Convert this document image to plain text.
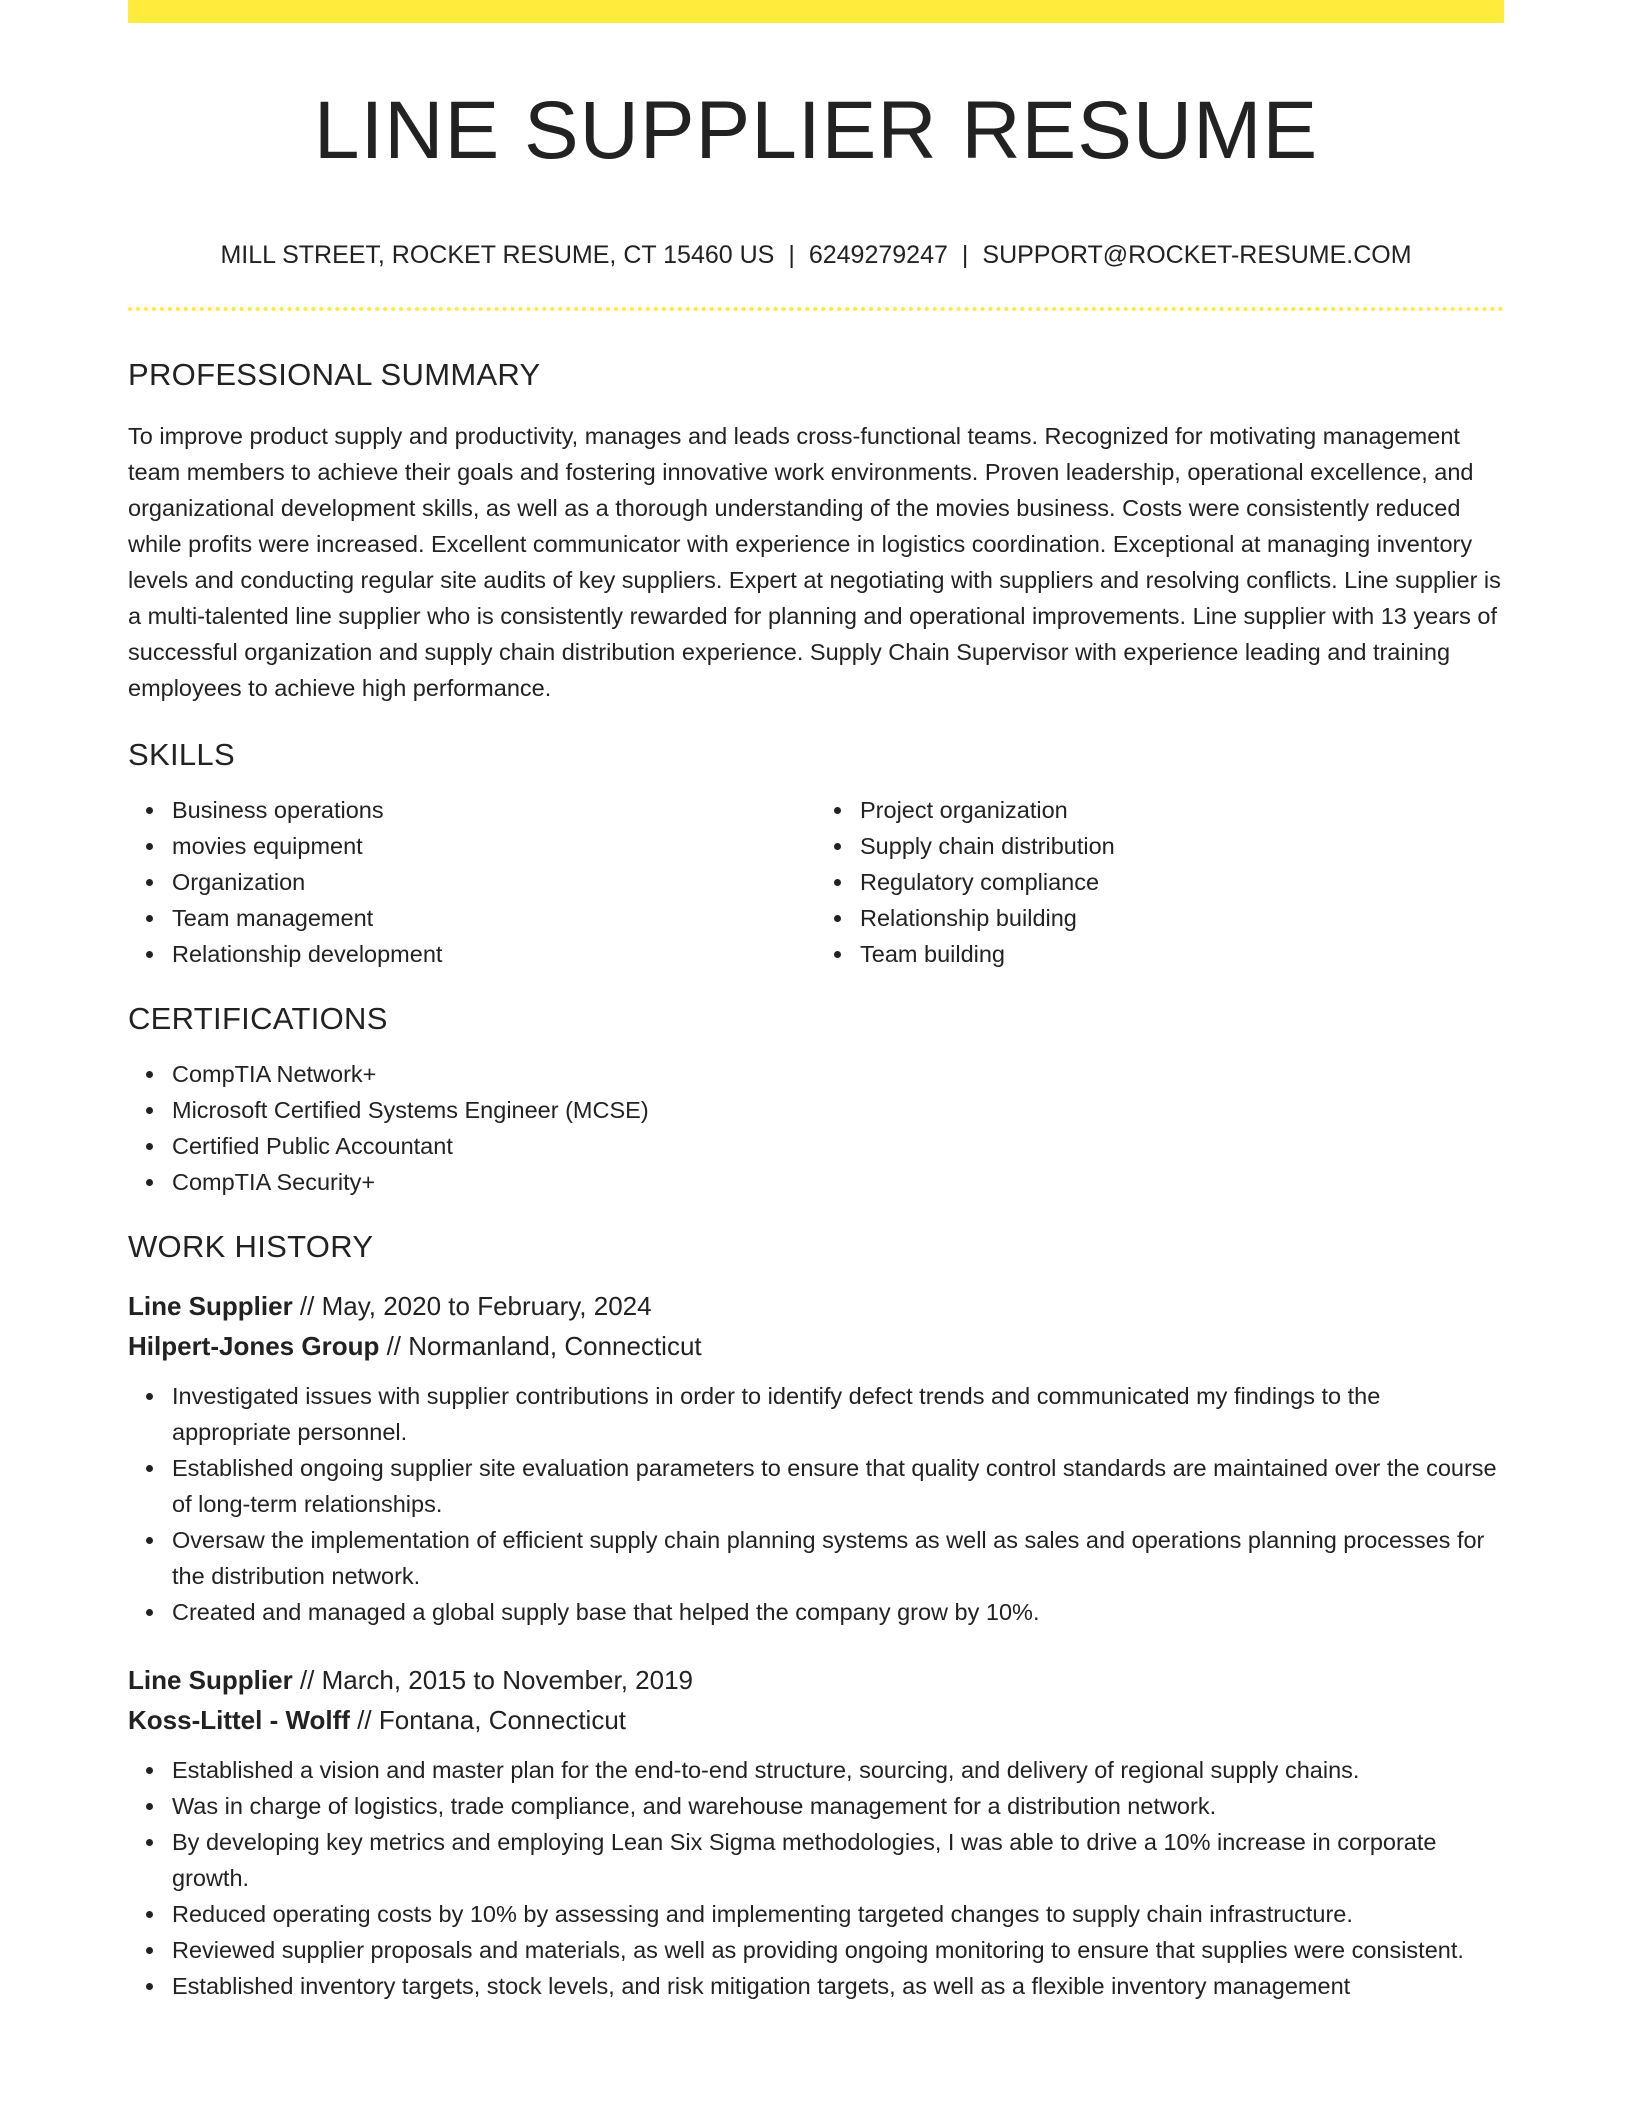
LINE SUPPLIER RESUME
MILL STREET, ROCKET RESUME, CT 15460 US | 6249279247 | SUPPORT@ROCKET-RESUME.COM
PROFESSIONAL SUMMARY

To improve product supply and productivity, manages and leads cross-functional teams. Recognized for motivating management team members to achieve their goals and fostering innovative work environments. Proven leadership, operational excellence, and organizational development skills, as well as a thorough understanding of the movies business. Costs were consistently reduced while profits were increased. Excellent communicator with experience in logistics coordination. Exceptional at managing inventory levels and conducting regular site audits of key suppliers. Expert at negotiating with suppliers and resolving conflicts. Line supplier is a multi-talented line supplier who is consistently rewarded for planning and operational improvements. Line supplier with 13 years of successful organization and supply chain distribution experience. Supply Chain Supervisor with experience leading and training employees to achieve high performance.

SKILLS
Business operations
movies equipment
Organization
Team management
Relationship development
Project organization
Supply chain distribution
Regulatory compliance
Relationship building
Team building
CERTIFICATIONS
CompTIA Network+
Microsoft Certified Systems Engineer (MCSE)
Certified Public Accountant
CompTIA Security+
WORK HISTORY
Line Supplier // May, 2020 to February, 2024
Hilpert-Jones Group // Normanland, Connecticut
Investigated issues with supplier contributions in order to identify defect trends and communicated my findings to the appropriate personnel.
Established ongoing supplier site evaluation parameters to ensure that quality control standards are maintained over the course of long-term relationships.
Oversaw the implementation of efficient supply chain planning systems as well as sales and operations planning processes for the distribution network.
Created and managed a global supply base that helped the company grow by 10%.
Line Supplier // March, 2015 to November, 2019
Koss-Littel - Wolff // Fontana, Connecticut
Established a vision and master plan for the end-to-end structure, sourcing, and delivery of regional supply chains.
Was in charge of logistics, trade compliance, and warehouse management for a distribution network.
By developing key metrics and employing Lean Six Sigma methodologies, I was able to drive a 10% increase in corporate growth.
Reduced operating costs by 10% by assessing and implementing targeted changes to supply chain infrastructure.
Reviewed supplier proposals and materials, as well as providing ongoing monitoring to ensure that supplies were consistent.
Established inventory targets, stock levels, and risk mitigation targets, as well as a flexible inventory management
